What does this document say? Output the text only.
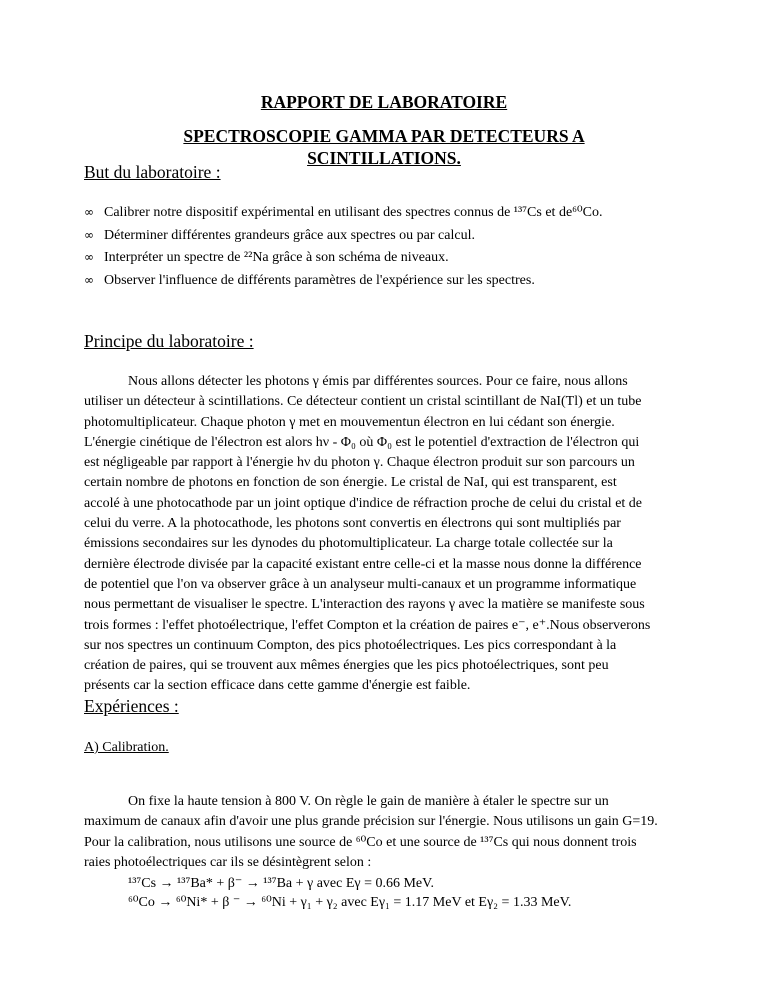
RAPPORT DE LABORATOIRE
SPECTROSCOPIE GAMMA PAR DETECTEURS A SCINTILLATIONS.
But du laboratoire :
∞ Calibrer notre dispositif expérimental en utilisant des spectres connus de ¹³⁷Cs et de⁶⁰Co.
∞ Déterminer différentes grandeurs grâce aux spectres ou par calcul.
∞ Interpréter un spectre de ²²Na grâce à son schéma de niveaux.
∞ Observer l'influence de différents paramètres de l'expérience sur les spectres.
Principe du laboratoire :
Nous allons détecter les photons γ émis par différentes sources. Pour ce faire, nous allons
utiliser un détecteur à scintillations. Ce détecteur contient un cristal scintillant de NaI(Tl) et un tube
photomultiplicateur. Chaque photon γ met en mouvementun électron en lui cédant son énergie.
L'énergie cinétique de l'électron est alors hν - Φ₀ où Φ₀ est le potentiel d'extraction de l'électron qui
est négligeable par rapport à l'énergie hν du photon γ. Chaque électron produit sur son parcours un
certain nombre de photons en fonction de son énergie. Le cristal de NaI, qui est transparent, est
accolé à une photocathode par un joint optique d'indice de réfraction proche de celui du cristal et de
celui du verre. A la photocathode, les photons sont convertis en électrons qui sont multipliés par
émissions secondaires sur les dynodes du photomultiplicateur. La charge totale collectée sur la
dernière électrode divisée par la capacité existant entre celle-ci et la masse nous donne la différence
de potentiel que l'on va observer grâce à un analyseur multi-canaux et un programme informatique
nous permettant de visualiser le spectre. L'interaction des rayons γ avec la matière se manifeste sous
trois formes : l'effet photoélectrique, l'effet Compton et la création de paires e⁻, e⁺.Nous observerons
sur nos spectres un continuum Compton, des pics photoélectriques. Les pics correspondant à la
création de paires, qui se trouvent aux mêmes énergies que les pics photoélectriques, sont peu
présents car la section efficace dans cette gamme d'énergie est faible.
Expériences :
A) Calibration.
On fixe la haute tension à 800 V. On règle le gain de manière à étaler le spectre sur un
maximum de canaux afin d'avoir une plus grande précision sur l'énergie. Nous utilisons un gain G=19.
Pour la calibration, nous utilisons une source de ⁶⁰Co et une source de ¹³⁷Cs qui nous donnent trois
raies photoélectriques car ils se désintègrent selon :
¹³⁷Cs → ¹³⁷Ba* + β⁻ → ¹³⁷Ba + γ avec Eγ = 0.66 MeV.
⁶⁰Co → ⁶⁰Ni* + β ⁻ → ⁶⁰Ni + γ₁ + γ₂ avec Eγ₁ = 1.17 MeV et Eγ₂ = 1.33 MeV.
